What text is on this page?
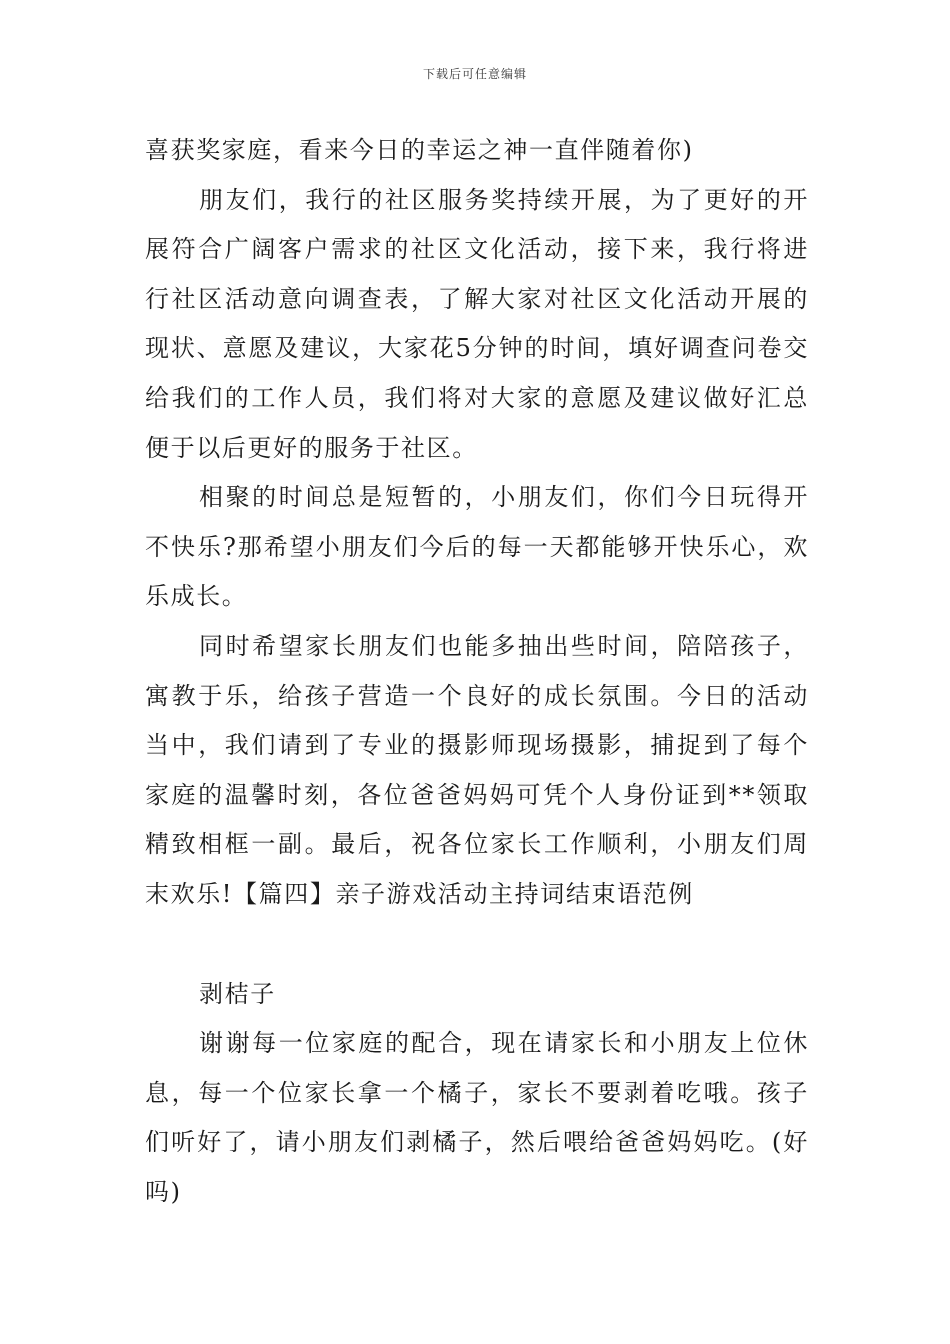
下载后可任意编辑

喜获奖家庭，看来今日的幸运之神一直伴随着你)

朋友们，我行的社区服务奖持续开展，为了更好的开展符合广阔客户需求的社区文化活动，接下来，我行将进行社区活动意向调查表，了解大家对社区文化活动开展的现状、意愿及建议，大家花5分钟的时间，填好调查问卷交给我们的工作人员，我们将对大家的意愿及建议做好汇总便于以后更好的服务于社区。

相聚的时间总是短暂的，小朋友们，你们今日玩得开不快乐?那希望小朋友们今后的每一天都能够开快乐心，欢乐成长。

同时希望家长朋友们也能多抽出些时间，陪陪孩子，寓教于乐，给孩子营造一个良好的成长氛围。今日的活动当中，我们请到了专业的摄影师现场摄影，捕捉到了每个家庭的温馨时刻，各位爸爸妈妈可凭个人身份证到**领取精致相框一副。最后，祝各位家长工作顺利，小朋友们周末欢乐!【篇四】亲子游戏活动主持词结束语范例

剥桔子

谢谢每一位家庭的配合，现在请家长和小朋友上位休息，每一个位家长拿一个橘子，家长不要剥着吃哦。孩子们听好了，请小朋友们剥橘子，然后喂给爸爸妈妈吃。(好吗)
